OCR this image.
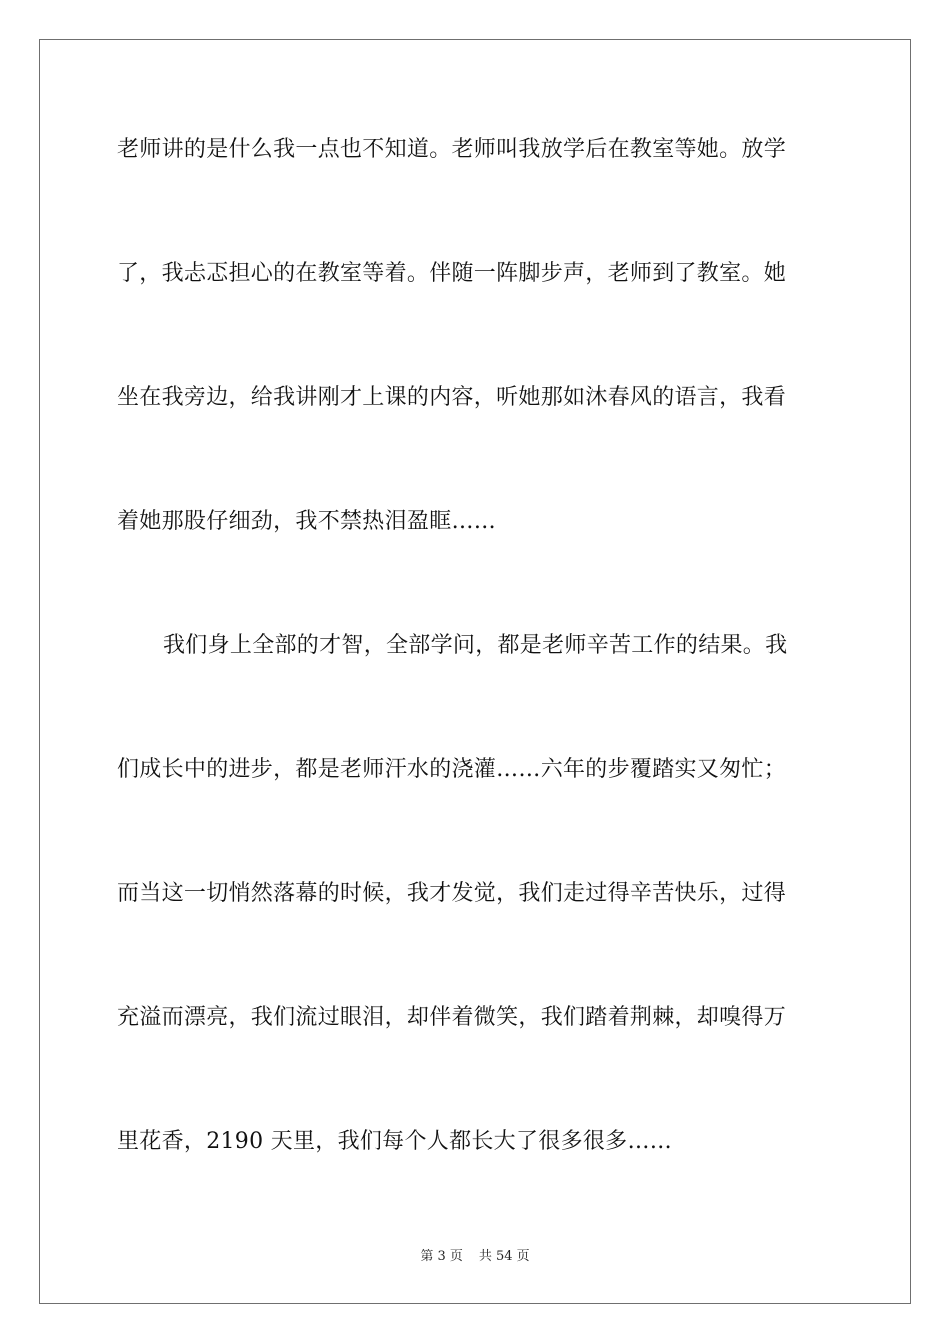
老师讲的是什么我一点也不知道。老师叫我放学后在教室等她。放学
了，我忐忑担心的在教室等着。伴随一阵脚步声，老师到了教室。她
坐在我旁边，给我讲刚才上课的内容，听她那如沐春风的语言，我看
着她那股仔细劲，我不禁热泪盈眶……
我们身上全部的才智，全部学问，都是老师辛苦工作的结果。我
们成长中的进步，都是老师汗水的浇灌……六年的步覆踏实又匆忙；
而当这一切悄然落幕的时候，我才发觉，我们走过得辛苦快乐，过得
充溢而漂亮，我们流过眼泪，却伴着微笑，我们踏着荆棘，却嗅得万
里花香，2190 天里，我们每个人都长大了很多很多……
第 3 页 共 54 页
